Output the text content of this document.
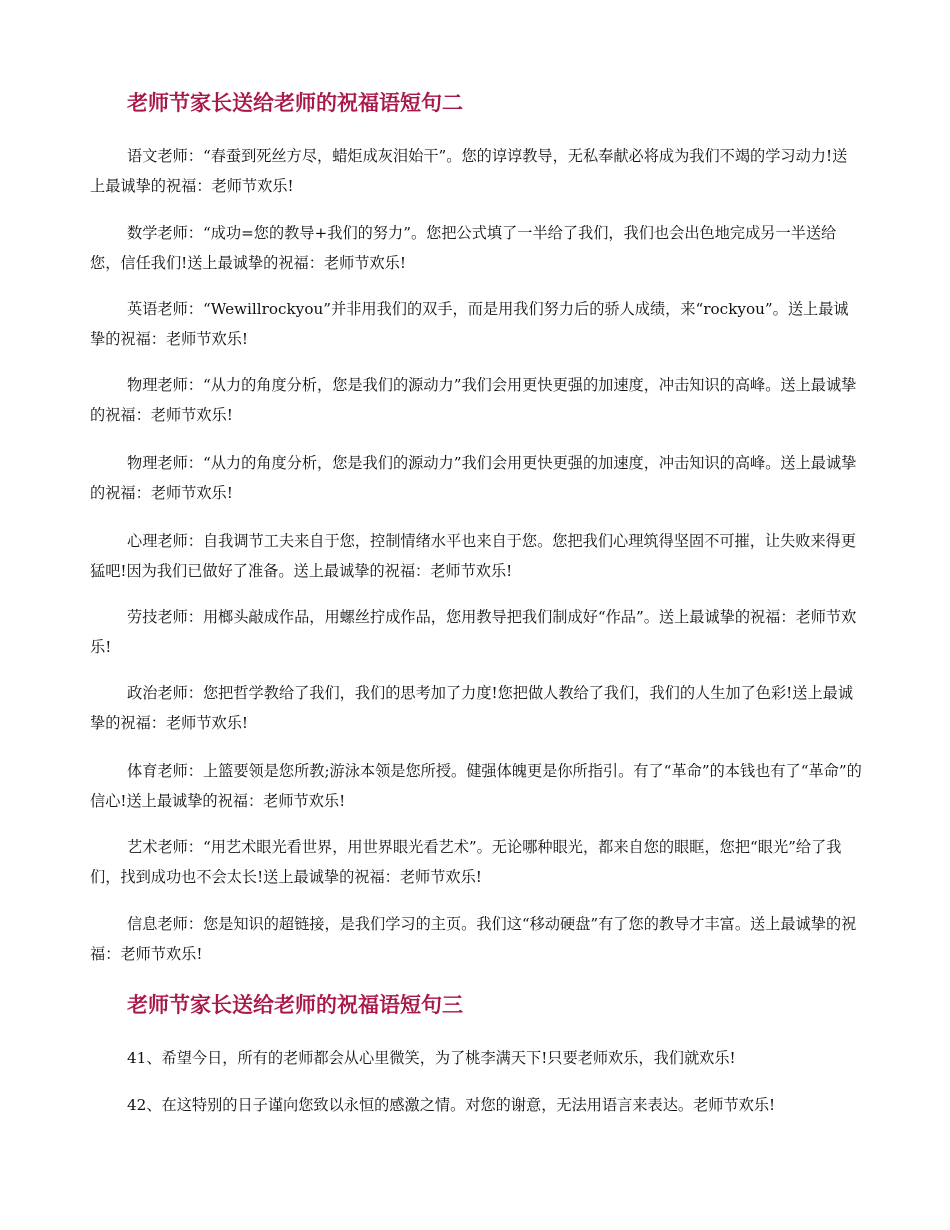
老师节家长送给老师的祝福语短句二

语文老师：“春蚕到死丝方尽，蜡炬成灰泪始干”。您的谆谆教导，无私奉献必将成为我们不竭的学习动力!送上最诚挚的祝福：老师节欢乐!

数学老师：“成功=您的教导+我们的努力”。您把公式填了一半给了我们，我们也会出色地完成另一半送给您，信任我们!送上最诚挚的祝福：老师节欢乐!

英语老师：“Wewillrockyou”并非用我们的双手，而是用我们努力后的骄人成绩，来“rockyou”。送上最诚挚的祝福：老师节欢乐!

物理老师：“从力的角度分析，您是我们的源动力”我们会用更快更强的加速度，冲击知识的高峰。送上最诚挚的祝福：老师节欢乐!

物理老师：“从力的角度分析，您是我们的源动力”我们会用更快更强的加速度，冲击知识的高峰。送上最诚挚的祝福：老师节欢乐!

心理老师：自我调节工夫来自于您，控制情绪水平也来自于您。您把我们心理筑得坚固不可摧，让失败来得更猛吧!因为我们已做好了准备。送上最诚挚的祝福：老师节欢乐!

劳技老师：用榔头敲成作品，用螺丝拧成作品，您用教导把我们制成好“作品”。送上最诚挚的祝福：老师节欢乐!

政治老师：您把哲学教给了我们，我们的思考加了力度!您把做人教给了我们，我们的人生加了色彩!送上最诚挚的祝福：老师节欢乐!

体育老师：上篮要领是您所教;游泳本领是您所授。健强体魄更是你所指引。有了“革命”的本钱也有了“革命”的信心!送上最诚挚的祝福：老师节欢乐!

艺术老师：“用艺术眼光看世界，用世界眼光看艺术”。无论哪种眼光，都来自您的眼眶，您把“眼光”给了我们，找到成功也不会太长!送上最诚挚的祝福：老师节欢乐!

信息老师：您是知识的超链接，是我们学习的主页。我们这“移动硬盘”有了您的教导才丰富。送上最诚挚的祝福：老师节欢乐!

老师节家长送给老师的祝福语短句三

41、希望今日，所有的老师都会从心里微笑，为了桃李满天下!只要老师欢乐，我们就欢乐!

42、在这特别的日子谨向您致以永恒的感激之情。对您的谢意，无法用语言来表达。老师节欢乐!
